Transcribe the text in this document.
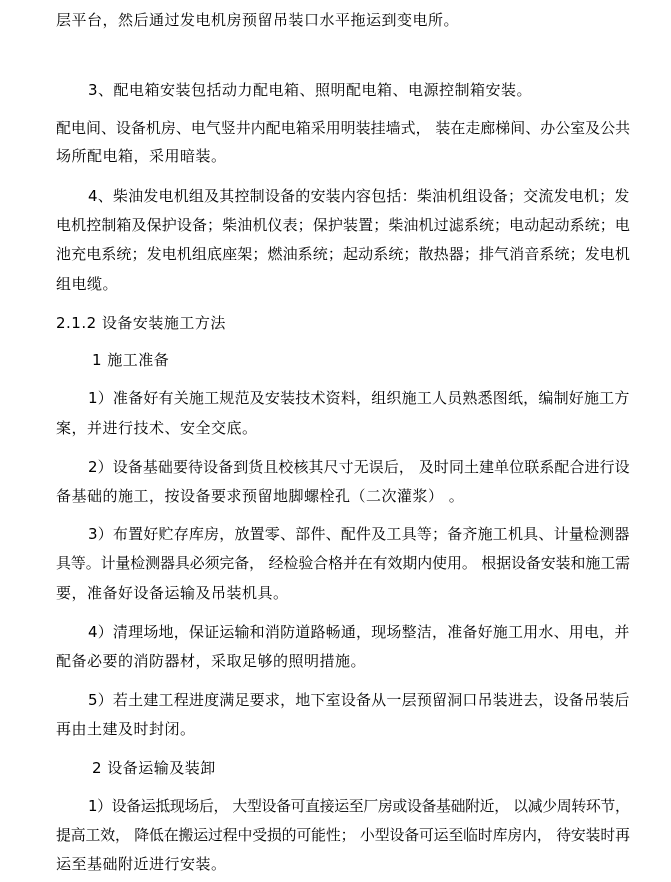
层平台，然后通过发电机房预留吊装口水平拖运到变电所。
3、配电箱安装包括动力配电箱、照明配电箱、电源控制箱安装。
配电间、设备机房、电气竖井内配电箱采用明装挂墙式， 装在走廊梯间、办公室及公共
场所配电箱，采用暗装。
4、柴油发电机组及其控制设备的安装内容包括：柴油机组设备；交流发电机；发
电机控制箱及保护设备；柴油机仪表；保护装置；柴油机过滤系统；电动起动系统；电
池充电系统；发电机组底座架；燃油系统；起动系统；散热器；排气消音系统；发电机
组电缆。
2.1.2 设备安装施工方法
1 施工准备
1）准备好有关施工规范及安装技术资料，组织施工人员熟悉图纸，编制好施工方
案，并进行技术、安全交底。
2）设备基础要待设备到货且校核其尺寸无误后， 及时同土建单位联系配合进行设
备基础的施工，按设备要求预留地脚螺栓孔（二次灌浆） 。
3）布置好贮存库房，放置零、部件、配件及工具等；备齐施工机具、计量检测器
具等。计量检测器具必须完备， 经检验合格并在有效期内使用。 根据设备安装和施工需
要，准备好设备运输及吊装机具。
4）清理场地，保证运输和消防道路畅通，现场整洁，准备好施工用水、用电，并
配备必要的消防器材，采取足够的照明措施。
5）若土建工程进度满足要求，地下室设备从一层预留洞口吊装进去，设备吊装后
再由土建及时封闭。
2 设备运输及装卸
1）设备运抵现场后， 大型设备可直接运至厂房或设备基础附近， 以减少周转环节，
提高工效， 降低在搬运过程中受损的可能性； 小型设备可运至临时库房内， 待安装时再
运至基础附近进行安装。
